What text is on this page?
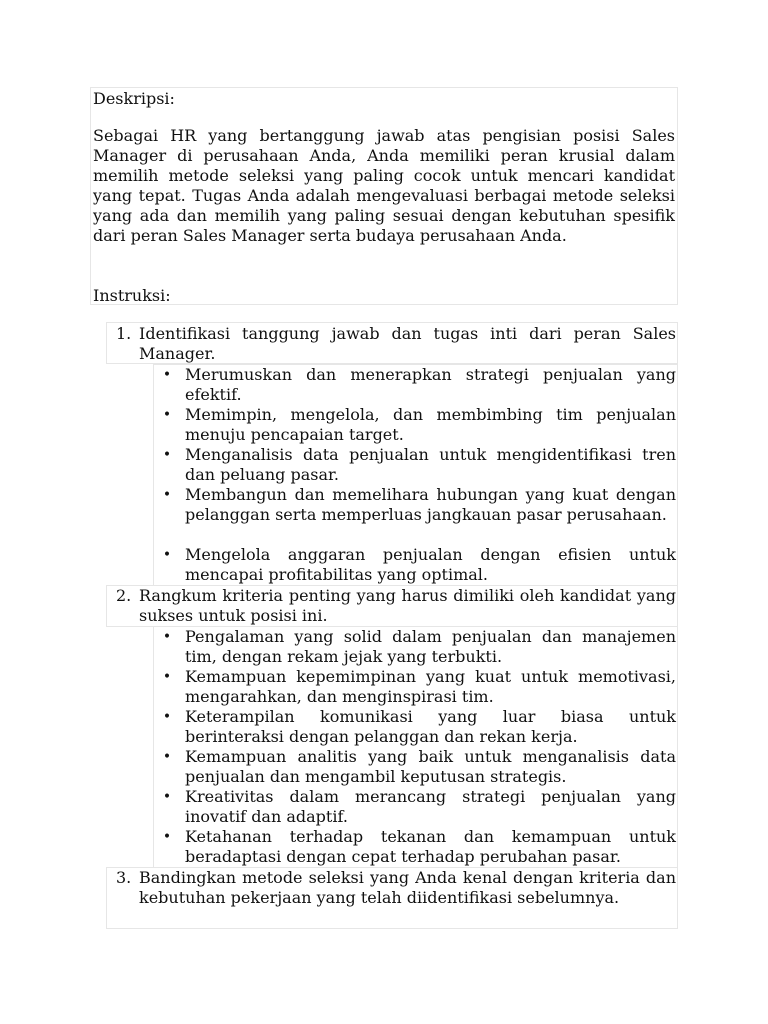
Deskripsi:
Sebagai HR yang bertanggung jawab atas pengisian posisi Sales Manager di perusahaan Anda, Anda memiliki peran krusial dalam memilih metode seleksi yang paling cocok untuk mencari kandidat yang tepat. Tugas Anda adalah mengevaluasi berbagai metode seleksi yang ada dan memilih yang paling sesuai dengan kebutuhan spesifik dari peran Sales Manager serta budaya perusahaan Anda.
Instruksi:
1. Identifikasi tanggung jawab dan tugas inti dari peran Sales Manager.
• Merumuskan dan menerapkan strategi penjualan yang efektif.
• Memimpin, mengelola, dan membimbing tim penjualan menuju pencapaian target.
• Menganalisis data penjualan untuk mengidentifikasi tren dan peluang pasar.
• Membangun dan memelihara hubungan yang kuat dengan pelanggan serta memperluas jangkauan pasar perusahaan.
• Mengelola anggaran penjualan dengan efisien untuk mencapai profitabilitas yang optimal.
2. Rangkum kriteria penting yang harus dimiliki oleh kandidat yang sukses untuk posisi ini.
• Pengalaman yang solid dalam penjualan dan manajemen tim, dengan rekam jejak yang terbukti.
• Kemampuan kepemimpinan yang kuat untuk memotivasi, mengarahkan, dan menginspirasi tim.
• Keterampilan komunikasi yang luar biasa untuk berinteraksi dengan pelanggan dan rekan kerja.
• Kemampuan analitis yang baik untuk menganalisis data penjualan dan mengambil keputusan strategis.
• Kreativitas dalam merancang strategi penjualan yang inovatif dan adaptif.
• Ketahanan terhadap tekanan dan kemampuan untuk beradaptasi dengan cepat terhadap perubahan pasar.
3. Bandingkan metode seleksi yang Anda kenal dengan kriteria dan kebutuhan pekerjaan yang telah diidentifikasi sebelumnya.
